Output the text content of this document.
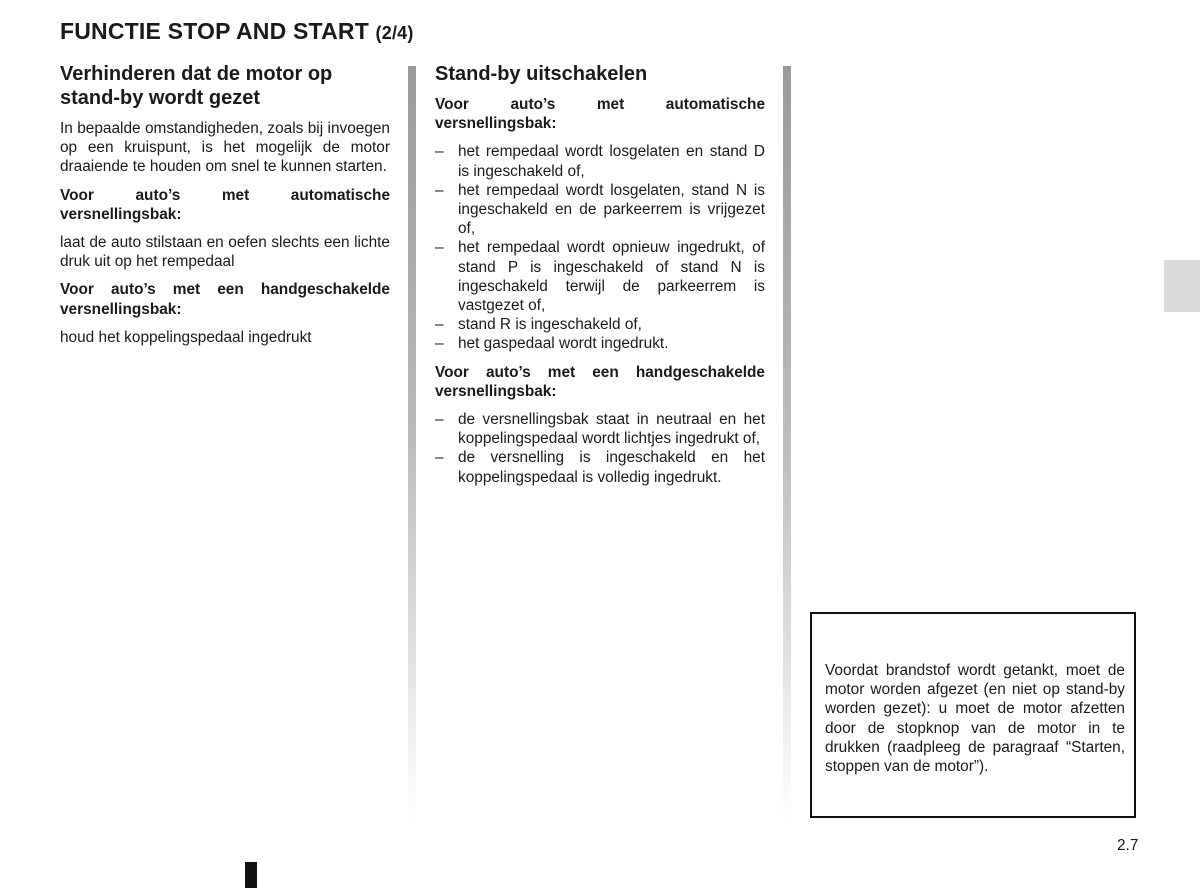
FUNCTIE STOP AND START (2/4)
Verhinderen dat de motor op stand-by wordt gezet

In bepaalde omstandigheden, zoals bij invoegen op een kruispunt, is het mogelijk de motor draaiende te houden om snel te kunnen starten.

Voor auto’s met automatische versnellingsbak:

laat de auto stilstaan en oefen slechts een lichte druk uit op het rempedaal

Voor auto’s met een handgeschakelde versnellingsbak:

houd het koppelingspedaal ingedrukt

Stand-by uitschakelen

Voor auto’s met automatische versnellingsbak:

– het rempedaal wordt losgelaten en stand D is ingeschakeld of,
– het rempedaal wordt losgelaten, stand N is ingeschakeld en de parkeerrem is vrijgezet of,
– het rempedaal wordt opnieuw ingedrukt, of stand P is ingeschakeld of stand N is ingeschakeld terwijl de parkeerrem is vastgezet of,
– stand R is ingeschakeld of,
– het gaspedaal wordt ingedrukt.

Voor auto’s met een handgeschakelde versnellingsbak:

– de versnellingsbak staat in neutraal en het koppelingspedaal wordt lichtjes ingedrukt of,
– de versnelling is ingeschakeld en het koppelingspedaal is volledig ingedrukt.

Voordat brandstof wordt getankt, moet de motor worden afgezet (en niet op stand-by worden gezet): u moet de motor afzetten door de stopknop van de motor in te drukken (raadpleeg de paragraaf “Starten, stoppen van de motor”).

2.7
